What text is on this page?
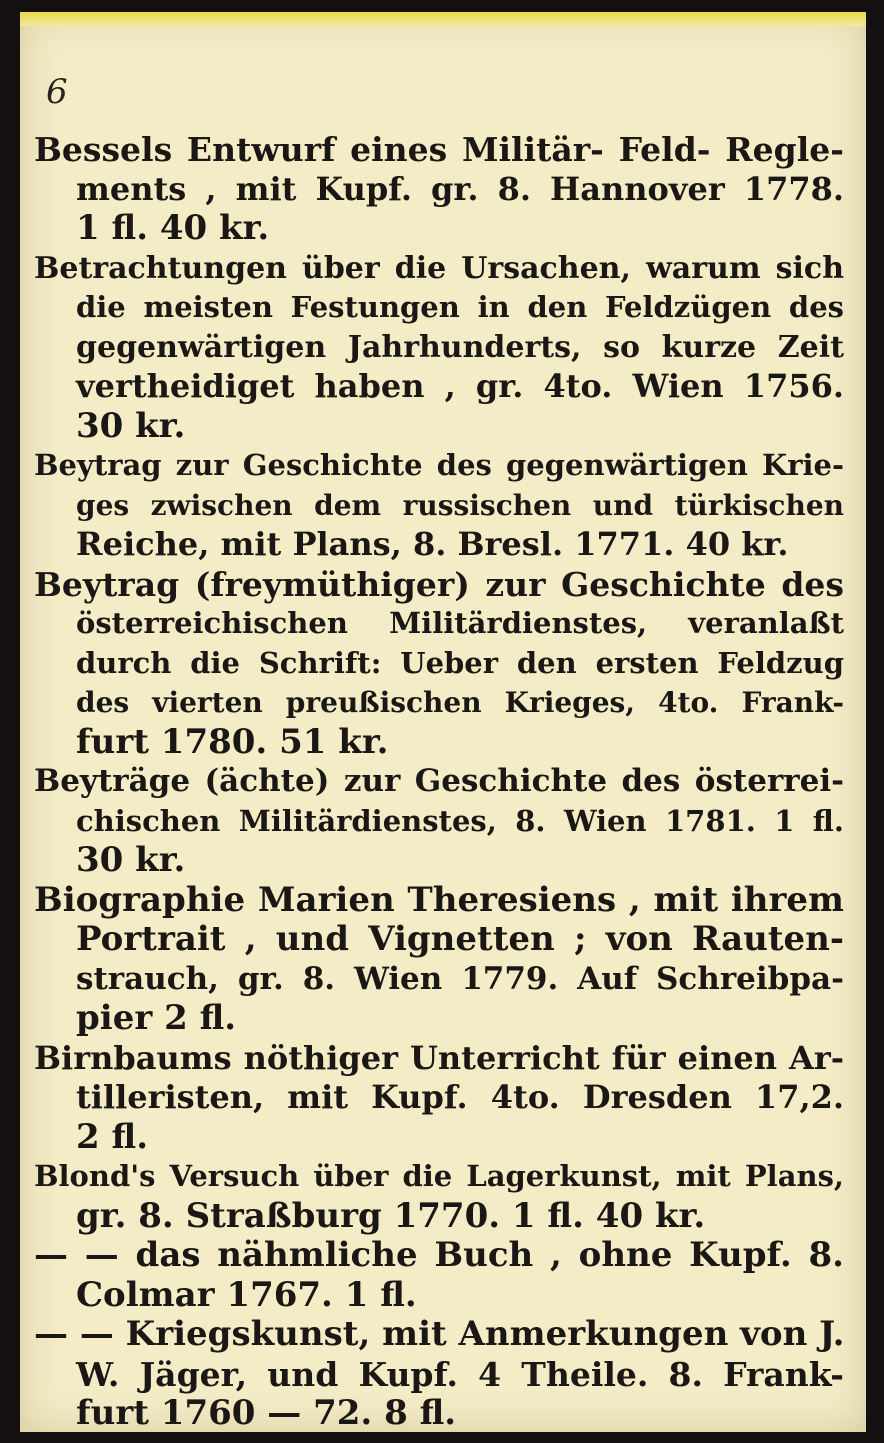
6

Bessels Entwurf eines Militär- Feld- Regle-
ments , mit Kupf. gr. 8. Hannover 1778.
1 fl. 40 kr.

Betrachtungen über die Ursachen, warum sich
die meisten Festungen in den Feldzügen des
gegenwärtigen Jahrhunderts, so kurze Zeit
vertheidiget haben , gr. 4to. Wien 1756.
30 kr.

Beytrag zur Geschichte des gegenwärtigen Krie-
ges zwischen dem russischen und türkischen
Reiche, mit Plans, 8. Bresl. 1771. 40 kr.

Beytrag (freymüthiger) zur Geschichte des
österreichischen Militärdienstes, veranlaßt
durch die Schrift: Ueber den ersten Feldzug
des vierten preußischen Krieges, 4to. Frank-
furt 1780. 51 kr.

Beyträge (ächte) zur Geschichte des österrei-
chischen Militärdienstes, 8. Wien 1781. 1 fl.
30 kr.

Biographie Marien Theresiens , mit ihrem
Portrait , und Vignetten ; von Rauten-
strauch, gr. 8. Wien 1779. Auf Schreibpa-
pier 2 fl.

Birnbaums nöthiger Unterricht für einen Ar-
tilleristen, mit Kupf. 4to. Dresden 17,2.
2 fl.

Blond's Versuch über die Lagerkunst, mit Plans,
gr. 8. Straßburg 1770. 1 fl. 40 kr.

— — das nähmliche Buch , ohne Kupf. 8.
Colmar 1767. 1 fl.

— — Kriegskunst, mit Anmerkungen von J.
W. Jäger, und Kupf. 4 Theile. 8. Frank-
furt 1760 — 72. 8 fl.
